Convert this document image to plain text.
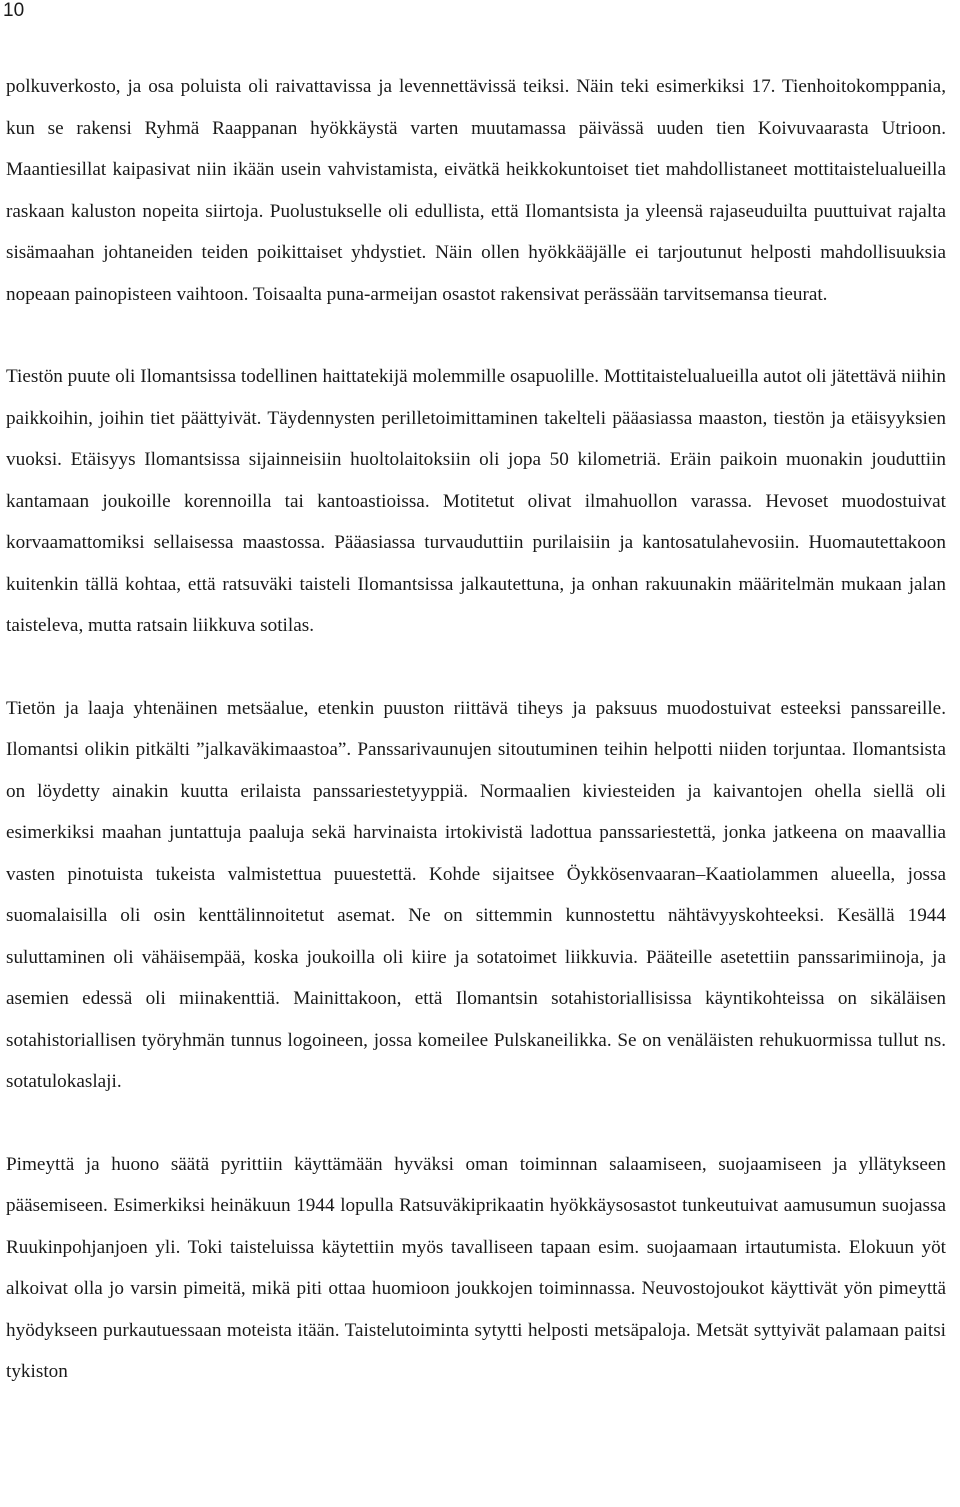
10

polkuverkosto, ja osa poluista oli raivattavissa ja levennettävissä teiksi. Näin teki esimerkiksi 17. Tienhoitokomppania, kun se rakensi Ryhmä Raappanan hyökkäystä varten muutamassa päivässä uuden tien Koivuvaarasta Utrioon. Maantiesillat kaipasivat niin ikään usein vahvistamista, eivätkä heikkokuntoiset tiet mahdollistaneet mottitaistelualueilla raskaan kaluston nopeita siirtoja. Puolustukselle oli edullista, että Ilomantsista ja yleensä rajaseuduilta puuttuivat rajalta sisämaahan johtaneiden teiden poikittaiset yhdystiet. Näin ollen hyökkääjälle ei tarjoutunut helposti mahdollisuuksia nopeaan painopisteen vaihtoon. Toisaalta puna-armeijan osastot rakensivat perässään tarvitsemansa tieurat.

Tiestön puute oli Ilomantsissa todellinen haittatekijä molemmille osapuolille. Mottitaistelualueilla autot oli jätettävä niihin paikkoihin, joihin tiet päättyivät. Täydennysten perilletoimittaminen takelteli pääasiassa maaston, tiestön ja etäisyyksien vuoksi. Etäisyys Ilomantsissa sijainneisiin huoltolaitoksiin oli jopa 50 kilometriä. Eräin paikoin muonakin jouduttiin kantamaan joukoille korennoilla tai kantoastioissa. Motitetut olivat ilmahuollon varassa. Hevoset muodostuivat korvaamattomiksi sellaisessa maastossa. Pääasiassa turvauduttiin purilaisiin ja kantosatulahevosiin. Huomautettakoon kuitenkin tällä kohtaa, että ratsuväki taisteli Ilomantsissa jalkautettuna, ja onhan rakuunakin määritelmän mukaan jalan taisteleva, mutta ratsain liikkuva sotilas.

Tietön ja laaja yhtenäinen metsäalue, etenkin puuston riittävä tiheys ja paksuus muodostuivat esteeksi panssareille. Ilomantsi olikin pitkälti ”jalkaväkimaastoa”. Panssarivaunujen sitoutuminen teihin helpotti niiden torjuntaa. Ilomantsista on löydetty ainakin kuutta erilaista panssariestetyyppiä. Normaalien kiviesteiden ja kaivantojen ohella siellä oli esimerkiksi maahan juntattuja paaluja sekä harvinaista irtokivistä ladottua panssariestettä, jonka jatkeena on maavallia vasten pinotuista tukeista valmistettua puuestettä. Kohde sijaitsee Öykkösenvaaran–Kaatiolammen alueella, jossa suomalaisilla oli osin kenttälinnoitetut asemat. Ne on sittemmin kunnostettu nähtävyyskohteeksi. Kesällä 1944 suluttaminen oli vähäisempää, koska joukoilla oli kiire ja sotatoimet liikkuvia. Pääteille asetettiin panssarimiinoja, ja asemien edessä oli miinakenttiä. Mainittakoon, että Ilomantsin sotahistoriallisissa käyntikohteissa on sikäläisen sotahistoriallisen työryhmän tunnus logoineen, jossa komeilee Pulskaneilikka. Se on venäläisten rehukuormissa tullut ns. sotatulokaslaji.

Pimeyttä ja huono säätä pyrittiin käyttämään hyväksi oman toiminnan salaamiseen, suojaamiseen ja yllätykseen pääsemiseen. Esimerkiksi heinäkuun 1944 lopulla Ratsuväkiprikaatin hyökkäysosastot tunkeutuivat aamusumun suojassa Ruukinpohjanjoen yli. Toki taisteluissa käytettiin myös tavalliseen tapaan esim. suojaamaan irtautumista. Elokuun yöt alkoivat olla jo varsin pimeitä, mikä piti ottaa huomioon joukkojen toiminnassa. Neuvostojoukot käyttivät yön pimeyttä hyödykseen purkautuessaan moteista itään. Taistelutoiminta sytytti helposti metsäpaloja. Metsät syttyivät palamaan paitsi tykiston
